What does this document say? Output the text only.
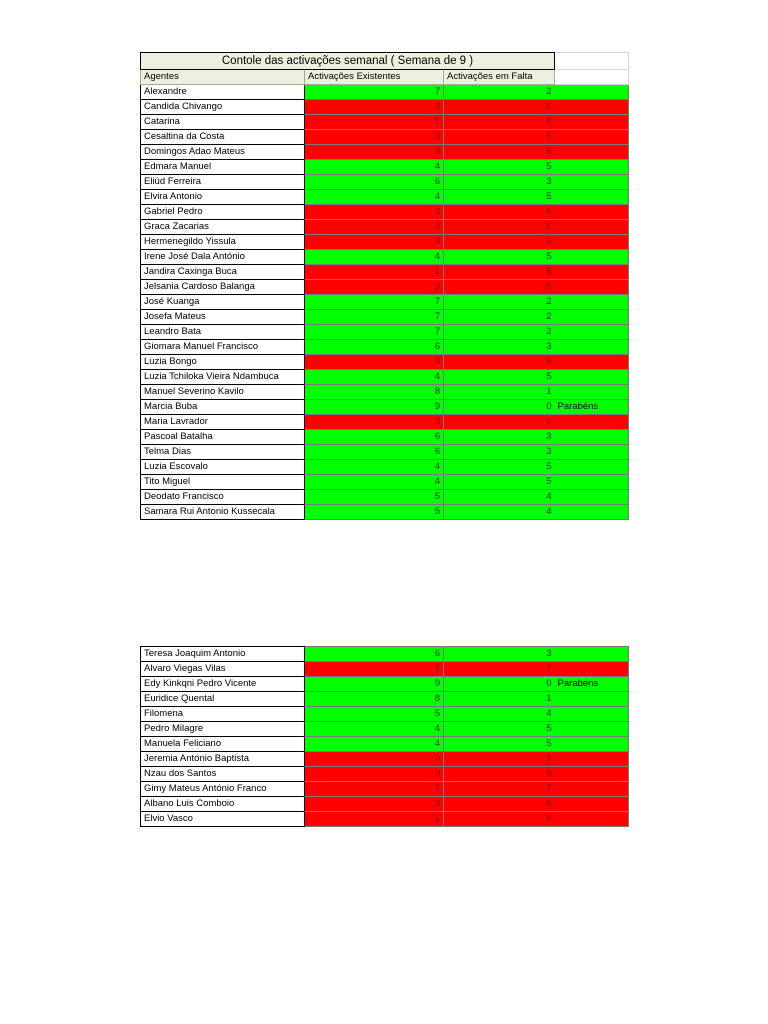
Contole das activações semanal ( Semana de 9 )			
Agentes	Activações Existentes	Activações em Falta	
Alexandre	7	2	
Candida Chivango	3	6	
Catarina	1	8	
Cesaltina da Costa	3	6	
Domingos Adao Mateus	3	6	
Edmara Manuel	4	5	
Eliúd Ferreira	6	3	
Elvira Antonio	4	5	
Gabriel Pedro	3	6	
Graca Zacarias	3	6	
Hermenegildo Yissula	3	6	
Irene José Dala António	4	5	
Jandira Caxinga Buca	1	8	
Jelsania Cardoso Balanga	3	6	
José Kuanga	7	2	
Josefa Mateus	7	2	
Leandro Bata	7	2	
Giomara Manuel Francisco	6	3	
Luzia Bongo	3	6	
Luzia Tchiloka Vieira Ndambuca	4	5	
Manuel Severino Kavilo	8	1	
Marcia Buba	9	0	Parabéns
Maria Lavrador	3	6	
Pascoal Batalha	6	3	
Telma Dias	6	3	
Luzia Escovalo	4	5	
Tito Miguel	4	5	
Deodato Francisco	5	4	
Samara Rui Antonio Kussecala	5	4	
Teresa Joaquim Antonio	6	3	
Alvaro Viegas Vilas	2	7	
Edy Kinkqni Pedro Vicente	9	0	Parabéns
Euridice Quental	8	1	
Filomena	5	4	
Pedro Milagre	4	5	
Manuela Feliciano	4	5	
Jeremia António Baptista	0	9	
Nzau dos Santos	0	9	
Gimy Mateus António Franco	2	7	
Albano Luis Comboio	0	9	
Elvio Vasco	1	8	
